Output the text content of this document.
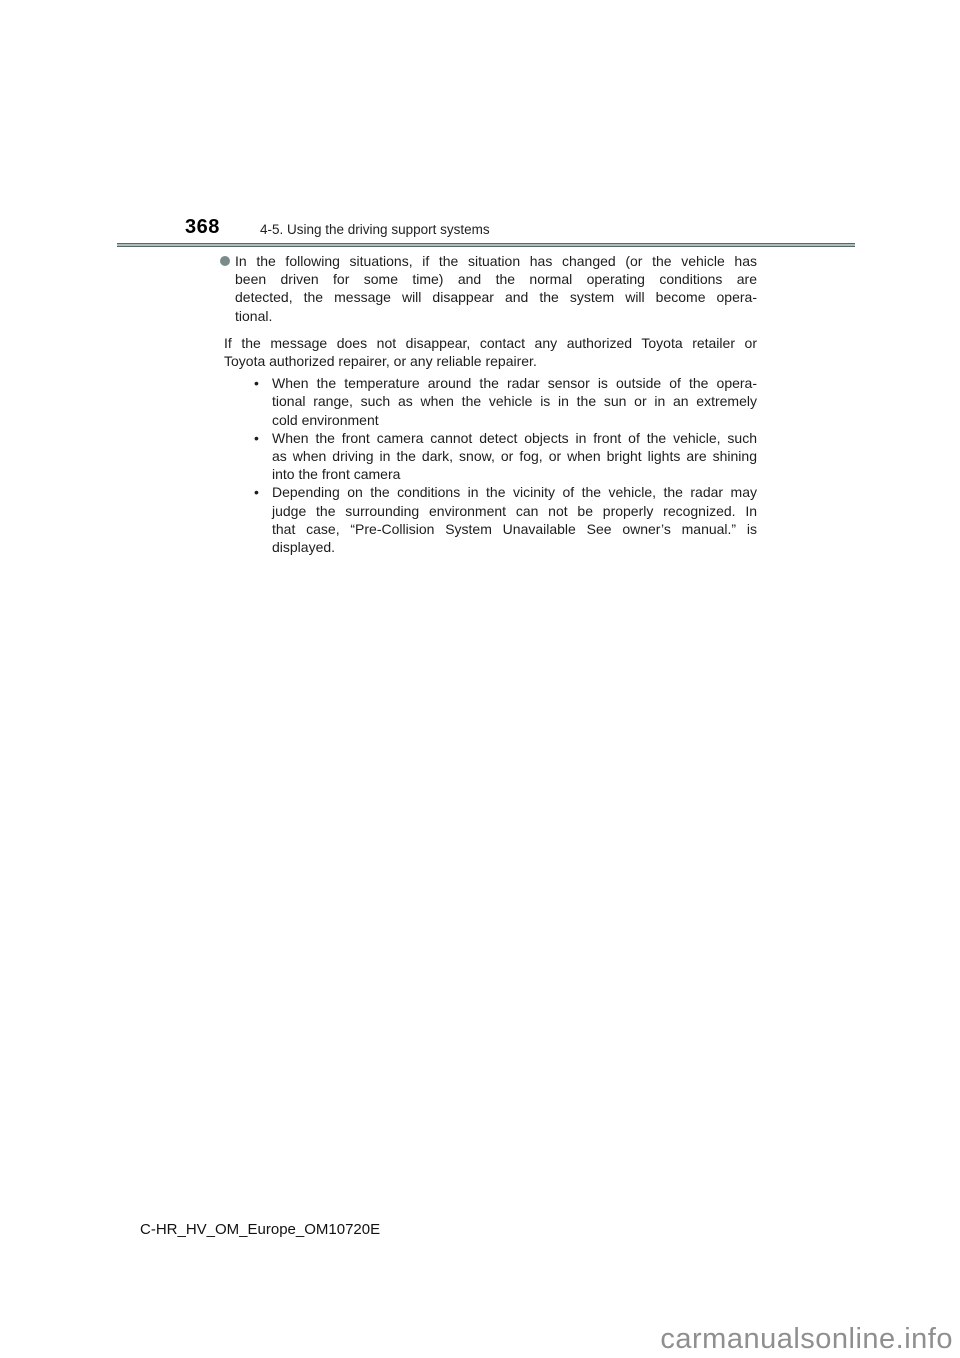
368	4-5. Using the driving support systems
In the following situations, if the situation has changed (or the vehicle has
been driven for some time) and the normal operating conditions are
detected, the message will disappear and the system will become opera-
tional.
If the message does not disappear, contact any authorized Toyota retailer or
Toyota authorized repairer, or any reliable repairer.
• When the temperature around the radar sensor is outside of the opera-
tional range, such as when the vehicle is in the sun or in an extremely
cold environment
• When the front camera cannot detect objects in front of the vehicle, such
as when driving in the dark, snow, or fog, or when bright lights are shining
into the front camera
• Depending on the conditions in the vicinity of the vehicle, the radar may
judge the surrounding environment can not be properly recognized. In
that case, “Pre-Collision System Unavailable See owner’s manual.” is
displayed.
C-HR_HV_OM_Europe_OM10720E
carmanualsonline.info
